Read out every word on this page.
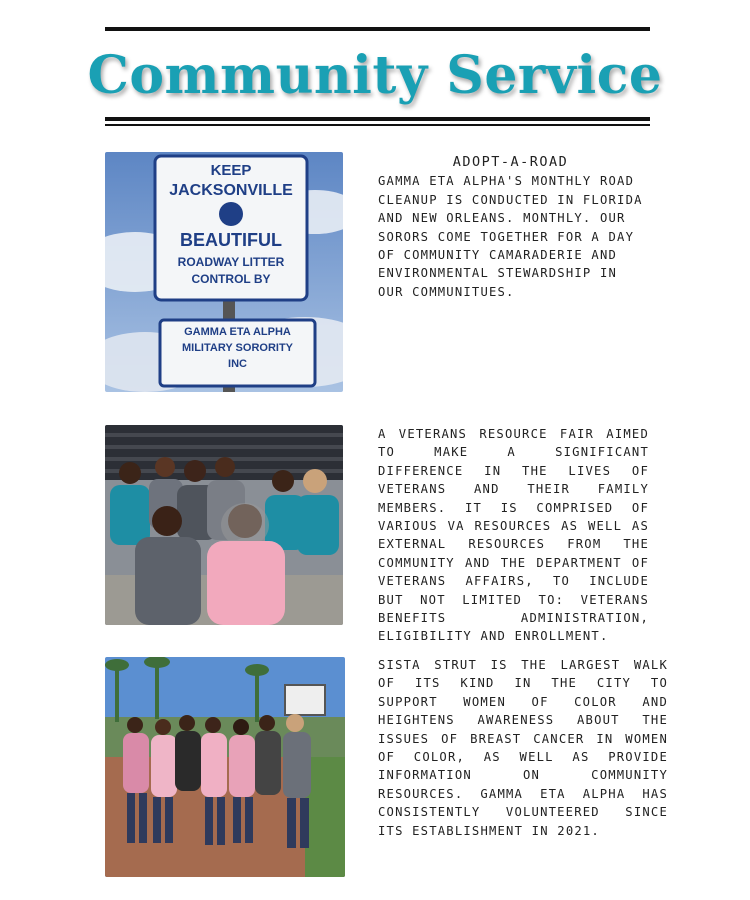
Community Service
KEEP
JACKSONVILLE
BEAUTIFUL
ROADWAY LITTER
CONTROL BY
GAMMA ETA ALPHA
MILITARY SORORITY
INC
ADOPT-A-ROAD
GAMMA ETA ALPHA'S MONTHLY ROAD CLEANUP IS CONDUCTED IN FLORIDA AND NEW ORLEANS. MONTHLY. OUR SORORS COME TOGETHER FOR A DAY OF COMMUNITY CAMARADERIE AND ENVIRONMENTAL STEWARDSHIP IN OUR COMMUNITUES.
A VETERANS RESOURCE FAIR AIMED TO MAKE A SIGNIFICANT DIFFERENCE IN THE LIVES OF VETERANS AND THEIR FAMILY MEMBERS. IT IS COMPRISED OF VARIOUS VA RESOURCES AS WELL AS EXTERNAL RESOURCES FROM THE COMMUNITY AND THE DEPARTMENT OF VETERANS AFFAIRS, TO INCLUDE BUT NOT LIMITED TO: VETERANS BENEFITS ADMINISTRATION, ELIGIBILITY AND ENROLLMENT.
SISTA STRUT IS THE LARGEST WALK OF ITS KIND IN THE CITY TO SUPPORT WOMEN OF COLOR AND HEIGHTENS AWARENESS ABOUT THE ISSUES OF BREAST CANCER IN WOMEN OF COLOR, AS WELL AS PROVIDE INFORMATION ON COMMUNITY RESOURCES. GAMMA ETA ALPHA HAS CONSISTENTLY VOLUNTEERED SINCE ITS ESTABLISHMENT IN 2021.
